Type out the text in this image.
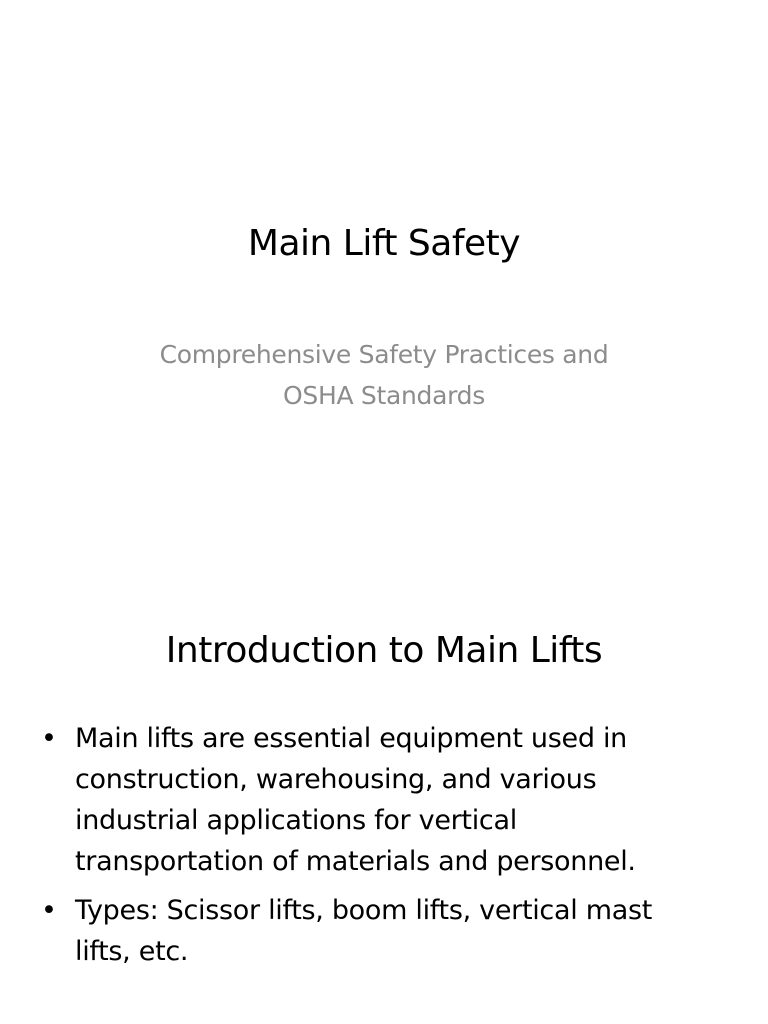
Main Lift Safety
Comprehensive Safety Practices and
OSHA Standards
Introduction to Main Lifts
• Main lifts are essential equipment used in
construction, warehousing, and various
industrial applications for vertical
transportation of materials and personnel.
• Types: Scissor lifts, boom lifts, vertical mast
lifts, etc.
